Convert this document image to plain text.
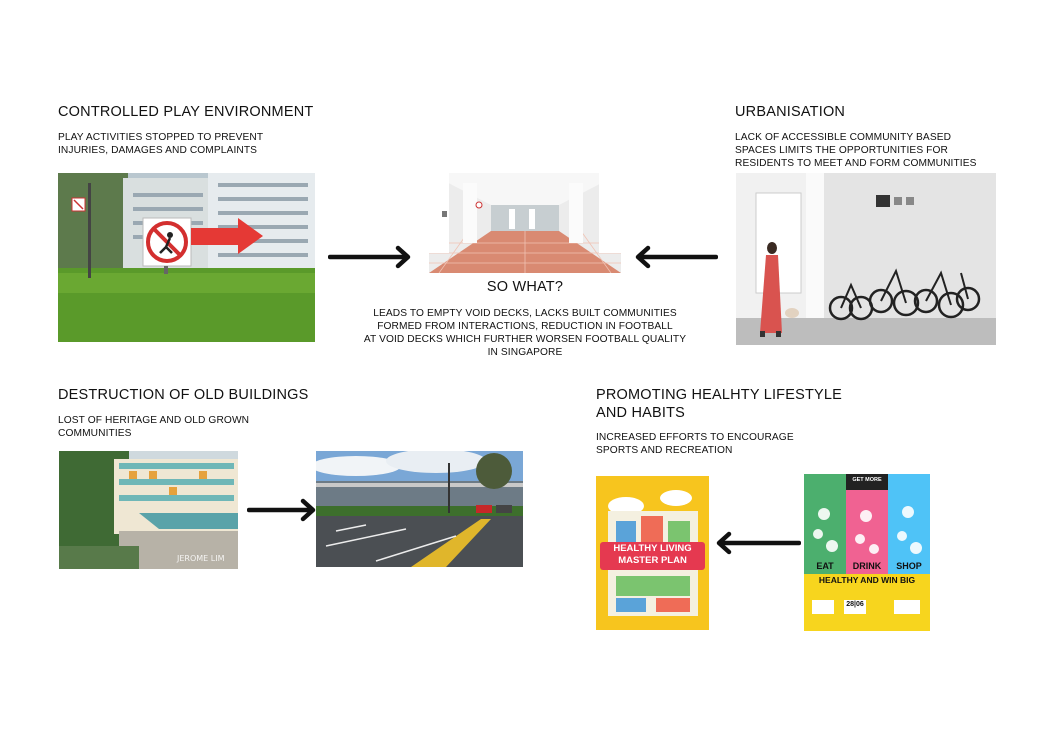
CONTROLLED PLAY ENVIRONMENT

PLAY ACTIVITIES STOPPED TO PREVENT
INJURIES, DAMAGES AND COMPLAINTS

URBANISATION

LACK OF ACCESSIBLE COMMUNITY BASED
SPACES LIMITS THE OPPORTUNITIES FOR
RESIDENTS TO MEET AND FORM COMMUNITIES

SO WHAT?

LEADS TO EMPTY VOID DECKS, LACKS BUILT COMMUNITIES
FORMED FROM INTERACTIONS, REDUCTION IN FOOTBALL
AT VOID DECKS WHICH FURTHER WORSEN FOOTBALL QUALITY
IN SINGAPORE

DESTRUCTION OF OLD BUILDINGS

LOST OF HERITAGE AND OLD GROWN
COMMUNITIES

PROMOTING HEALHTY LIFESTYLE
AND HABITS

INCREASED EFFORTS TO ENCOURAGE
SPORTS AND RECREATION

JEROME LIM
HEALTHY LIVING
MASTER PLAN
GET MORE
EAT	DRINK	SHOP
HEALTHY AND WIN BIG
28|06
